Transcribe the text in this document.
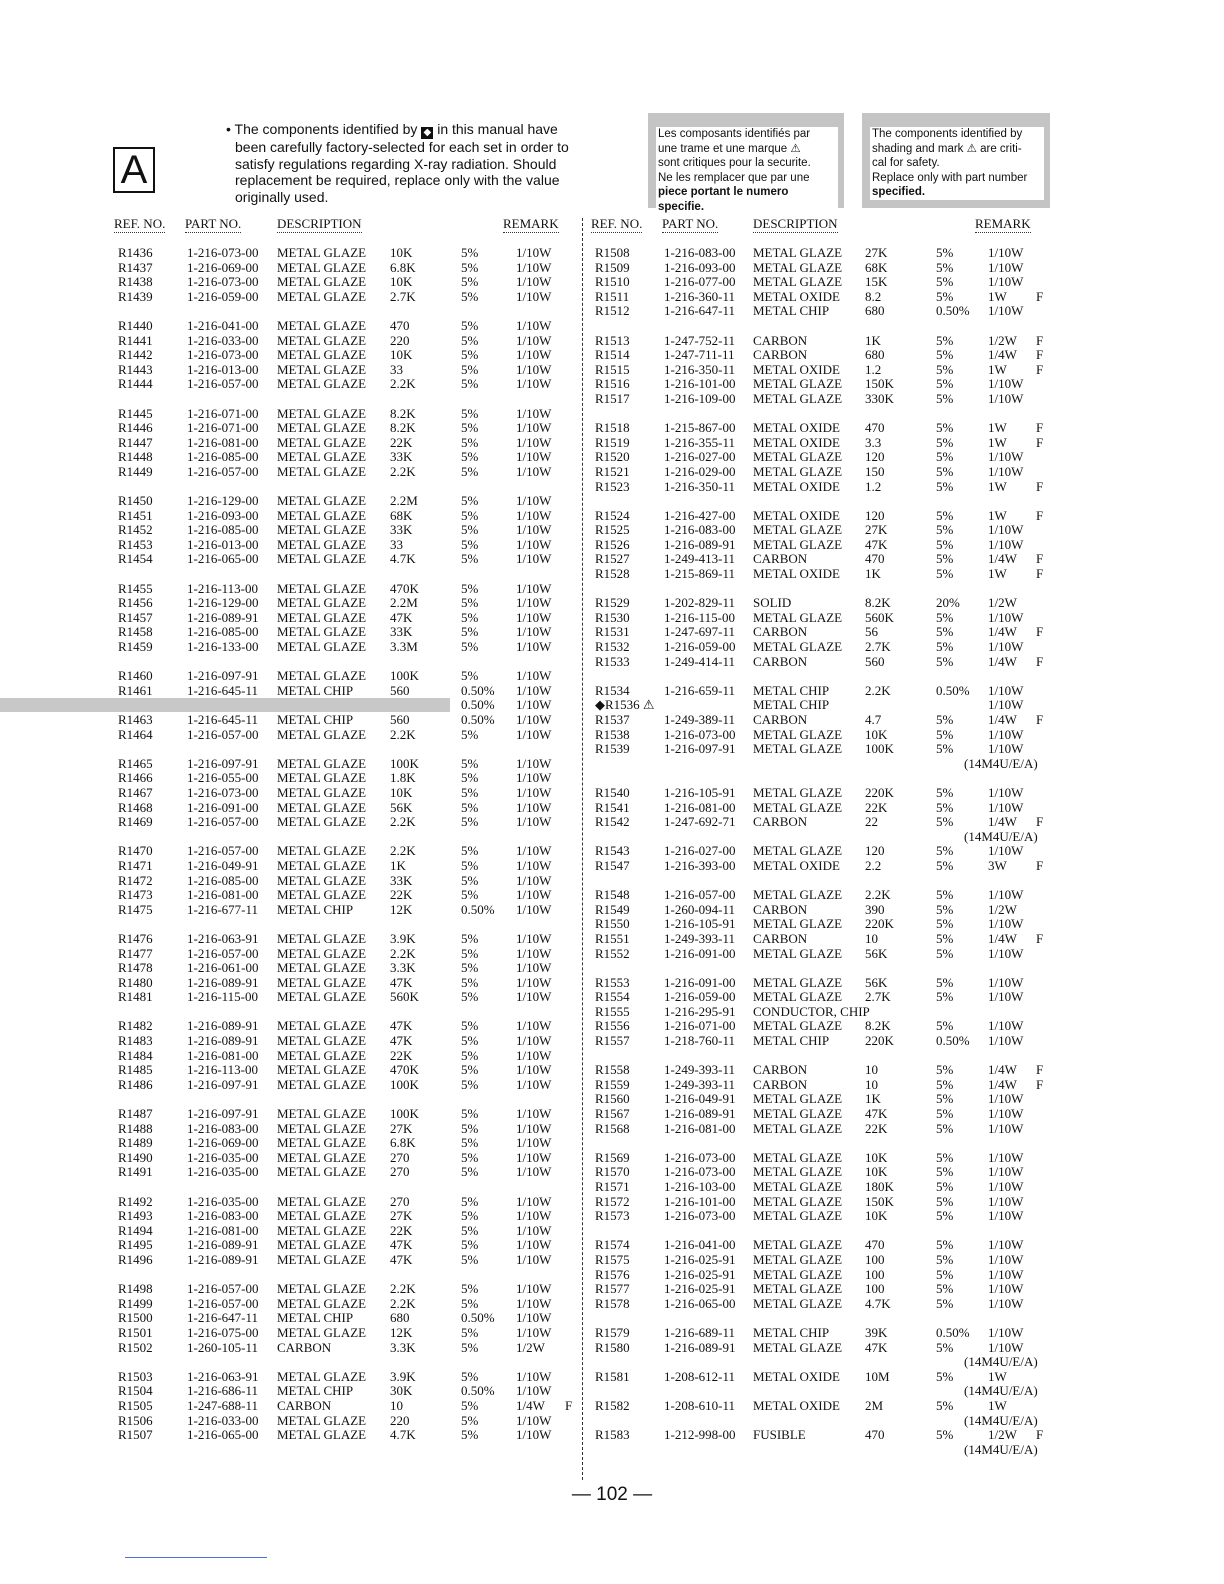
A
• The components identified by ◆ in this manual have
been carefully factory-selected for each set in order to
satisfy regulations regarding X-ray radiation. Should
replacement be required, replace only with the value
originally used.
Les composants identifiés par
une trame et une marque ⚠
sont critiques pour la securite.
Ne les remplacer que par une
piece portant le numero specifie.
The components identified by
shading and mark ⚠ are criti-
cal for safety.
Replace only with part number
specified.
REF. NO. PART NO.	DESCRIPTION	REMARK REF. NO. PART NO.	DESCRIPTION	REMARK
R1436	1-216-073-00 METAL GLAZE 10K	5%	1/10W
R1437	1-216-069-00 METAL GLAZE 6.8K	5%	1/10W
R1438	1-216-073-00 METAL GLAZE 10K	5%	1/10W
R1439	1-216-059-00 METAL GLAZE 2.7K	5%	1/10W
R1440	1-216-041-00 METAL GLAZE 470	5%	1/10W
R1441	1-216-033-00 METAL GLAZE 220	5%	1/10W
R1442	1-216-073-00 METAL GLAZE 10K	5%	1/10W
R1443	1-216-013-00 METAL GLAZE 33	5%	1/10W
R1444	1-216-057-00 METAL GLAZE 2.2K	5%	1/10W
R1445	1-216-071-00 METAL GLAZE 8.2K	5%	1/10W
R1446	1-216-071-00 METAL GLAZE 8.2K	5%	1/10W
R1447	1-216-081-00 METAL GLAZE 22K	5%	1/10W
R1448	1-216-085-00 METAL GLAZE 33K	5%	1/10W
R1449	1-216-057-00 METAL GLAZE 2.2K	5%	1/10W
R1450	1-216-129-00 METAL GLAZE 2.2M	5%	1/10W
R1451	1-216-093-00 METAL GLAZE 68K	5%	1/10W
R1452	1-216-085-00 METAL GLAZE 33K	5%	1/10W
R1453	1-216-013-00 METAL GLAZE 33	5%	1/10W
R1454	1-216-065-00 METAL GLAZE 4.7K	5%	1/10W
R1455	1-216-113-00 METAL GLAZE 470K	5%	1/10W
R1456	1-216-129-00 METAL GLAZE 2.2M	5%	1/10W
R1457	1-216-089-91 METAL GLAZE 47K	5%	1/10W
R1458	1-216-085-00 METAL GLAZE 33K	5%	1/10W
R1459	1-216-133-00 METAL GLAZE 3.3M	5%	1/10W
R1460	1-216-097-91 METAL GLAZE 100K	5%	1/10W
R1461	1-216-645-11 METAL CHIP	560	0.50% 1/10W
0.50% 1/10W
R1463	1-216-645-11 METAL CHIP	560	0.50% 1/10W
R1464	1-216-057-00 METAL GLAZE 2.2K	5%	1/10W
R1465	1-216-097-91 METAL GLAZE 100K	5%	1/10W
R1466	1-216-055-00 METAL GLAZE 1.8K	5%	1/10W
R1467	1-216-073-00 METAL GLAZE 10K	5%	1/10W
R1468	1-216-091-00 METAL GLAZE 56K	5%	1/10W
R1469	1-216-057-00 METAL GLAZE 2.2K	5%	1/10W
R1470	1-216-057-00 METAL GLAZE 2.2K	5%	1/10W
R1471	1-216-049-91 METAL GLAZE 1K	5%	1/10W
R1472	1-216-085-00 METAL GLAZE 33K	5%	1/10W
R1473	1-216-081-00 METAL GLAZE 22K	5%	1/10W
R1475	1-216-677-11 METAL CHIP	12K	0.50% 1/10W
R1476	1-216-063-91 METAL GLAZE 3.9K	5%	1/10W
R1477	1-216-057-00 METAL GLAZE 2.2K	5%	1/10W
R1478	1-216-061-00 METAL GLAZE 3.3K	5%	1/10W
R1480	1-216-089-91 METAL GLAZE 47K	5%	1/10W
R1481	1-216-115-00 METAL GLAZE 560K	5%	1/10W
R1482	1-216-089-91 METAL GLAZE 47K	5%	1/10W
R1483	1-216-089-91 METAL GLAZE 47K	5%	1/10W
R1484	1-216-081-00 METAL GLAZE 22K	5%	1/10W
R1485	1-216-113-00 METAL GLAZE 470K	5%	1/10W
R1486	1-216-097-91 METAL GLAZE 100K	5%	1/10W
R1487	1-216-097-91 METAL GLAZE 100K	5%	1/10W
R1488	1-216-083-00 METAL GLAZE 27K	5%	1/10W
R1489	1-216-069-00 METAL GLAZE 6.8K	5%	1/10W
R1490	1-216-035-00 METAL GLAZE 270	5%	1/10W
R1491	1-216-035-00 METAL GLAZE 270	5%	1/10W
R1492	1-216-035-00 METAL GLAZE 270	5%	1/10W
R1493	1-216-083-00 METAL GLAZE 27K	5%	1/10W
R1494	1-216-081-00 METAL GLAZE 22K	5%	1/10W
R1495	1-216-089-91 METAL GLAZE 47K	5%	1/10W
R1496	1-216-089-91 METAL GLAZE 47K	5%	1/10W
R1498	1-216-057-00 METAL GLAZE 2.2K	5%	1/10W
R1499	1-216-057-00 METAL GLAZE 2.2K	5%	1/10W
R1500	1-216-647-11 METAL CHIP	680	0.50% 1/10W
R1501	1-216-075-00 METAL GLAZE 12K	5%	1/10W
R1502	1-260-105-11 CARBON	3.3K	5%	1/2W
R1503	1-216-063-91 METAL GLAZE 3.9K	5%	1/10W
R1504	1-216-686-11 METAL CHIP	30K	0.50% 1/10W
R1505	1-247-688-11 CARBON	10	5%	1/4W F
R1506	1-216-033-00 METAL GLAZE 220	5%	1/10W
R1507	1-216-065-00 METAL GLAZE 4.7K	5%	1/10W
R1508	1-216-083-00 METAL GLAZE 27K	5%	1/10W
R1509	1-216-093-00 METAL GLAZE 68K	5%	1/10W
R1510	1-216-077-00 METAL GLAZE 15K	5%	1/10W
R1511	1-216-360-11 METAL OXIDE 8.2	5%	1W F
R1512	1-216-647-11 METAL CHIP	680	0.50% 1/10W
R1513	1-247-752-11 CARBON	1K	5%	1/2W F
R1514	1-247-711-11 CARBON	680	5%	1/4W F
R1515	1-216-350-11 METAL OXIDE 1.2	5%	1W F
R1516	1-216-101-00 METAL GLAZE 150K	5%	1/10W
R1517	1-216-109-00 METAL GLAZE 330K	5%	1/10W
R1518	1-215-867-00 METAL OXIDE 470	5%	1W F
R1519	1-216-355-11 METAL OXIDE 3.3	5%	1W F
R1520	1-216-027-00 METAL GLAZE 120	5%	1/10W
R1521	1-216-029-00 METAL GLAZE 150	5%	1/10W
R1523	1-216-350-11 METAL OXIDE 1.2	5%	1W F
R1524	1-216-427-00 METAL OXIDE 120	5%	1W F
R1525	1-216-083-00 METAL GLAZE 27K	5%	1/10W
R1526	1-216-089-91 METAL GLAZE 47K	5%	1/10W
R1527	1-249-413-11 CARBON	470	5%	1/4W F
R1528	1-215-869-11 METAL OXIDE 1K	5%	1W F
R1529	1-202-829-11 SOLID	8.2K	20% 1/2W
R1530	1-216-115-00 METAL GLAZE 560K	5%	1/10W
R1531	1-247-697-11 CARBON	56	5%	1/4W F
R1532	1-216-059-00 METAL GLAZE 2.7K	5%	1/10W
R1533	1-249-414-11 CARBON	560	5%	1/4W F
R1534	1-216-659-11 METAL CHIP	2.2K	0.50% 1/10W
◆R1536 ⚠	METAL CHIP	1/10W
R1537	1-249-389-11 CARBON	4.7	5%	1/4W F
R1538	1-216-073-00 METAL GLAZE 10K	5%	1/10W
R1539	1-216-097-91 METAL GLAZE 100K	5%	1/10W
(14M4U/E/A)
R1540	1-216-105-91 METAL GLAZE 220K	5%	1/10W
R1541	1-216-081-00 METAL GLAZE 22K	5%	1/10W
R1542	1-247-692-71 CARBON	22	5%	1/4W F
(14M4U/E/A)
R1543	1-216-027-00 METAL GLAZE 120	5%	1/10W
R1547	1-216-393-00 METAL OXIDE 2.2	5%	3W F
R1548	1-216-057-00 METAL GLAZE 2.2K	5%	1/10W
R1549	1-260-094-11 CARBON	390	5%	1/2W
R1550	1-216-105-91 METAL GLAZE 220K	5%	1/10W
R1551	1-249-393-11 CARBON	10	5%	1/4W F
R1552	1-216-091-00 METAL GLAZE 56K	5%	1/10W
R1553	1-216-091-00 METAL GLAZE 56K	5%	1/10W
R1554	1-216-059-00 METAL GLAZE 2.7K	5%	1/10W
R1555	1-216-295-91 CONDUCTOR, CHIP
R1556	1-216-071-00 METAL GLAZE 8.2K	5%	1/10W
R1557	1-218-760-11 METAL CHIP	220K	0.50% 1/10W
R1558	1-249-393-11 CARBON	10	5%	1/4W F
R1559	1-249-393-11 CARBON	10	5%	1/4W F
R1560	1-216-049-91 METAL GLAZE 1K	5%	1/10W
R1567	1-216-089-91 METAL GLAZE 47K	5%	1/10W
R1568	1-216-081-00 METAL GLAZE 22K	5%	1/10W
R1569	1-216-073-00 METAL GLAZE 10K	5%	1/10W
R1570	1-216-073-00 METAL GLAZE 10K	5%	1/10W
R1571	1-216-103-00 METAL GLAZE 180K	5%	1/10W
R1572	1-216-101-00 METAL GLAZE 150K	5%	1/10W
R1573	1-216-073-00 METAL GLAZE 10K	5%	1/10W
R1574	1-216-041-00 METAL GLAZE 470	5%	1/10W
R1575	1-216-025-91 METAL GLAZE 100	5%	1/10W
R1576	1-216-025-91 METAL GLAZE 100	5%	1/10W
R1577	1-216-025-91 METAL GLAZE 100	5%	1/10W
R1578	1-216-065-00 METAL GLAZE 4.7K	5%	1/10W
R1579	1-216-689-11 METAL CHIP	39K	0.50% 1/10W
R1580	1-216-089-91 METAL GLAZE 47K	5%	1/10W
(14M4U/E/A)
R1581	1-208-612-11 METAL OXIDE 10M	5%	1W
(14M4U/E/A)
R1582	1-208-610-11 METAL OXIDE 2M	5%	1W
(14M4U/E/A)
R1583	1-212-998-00 FUSIBLE	470	5%	1/2W F
(14M4U/E/A)
— 102 —
